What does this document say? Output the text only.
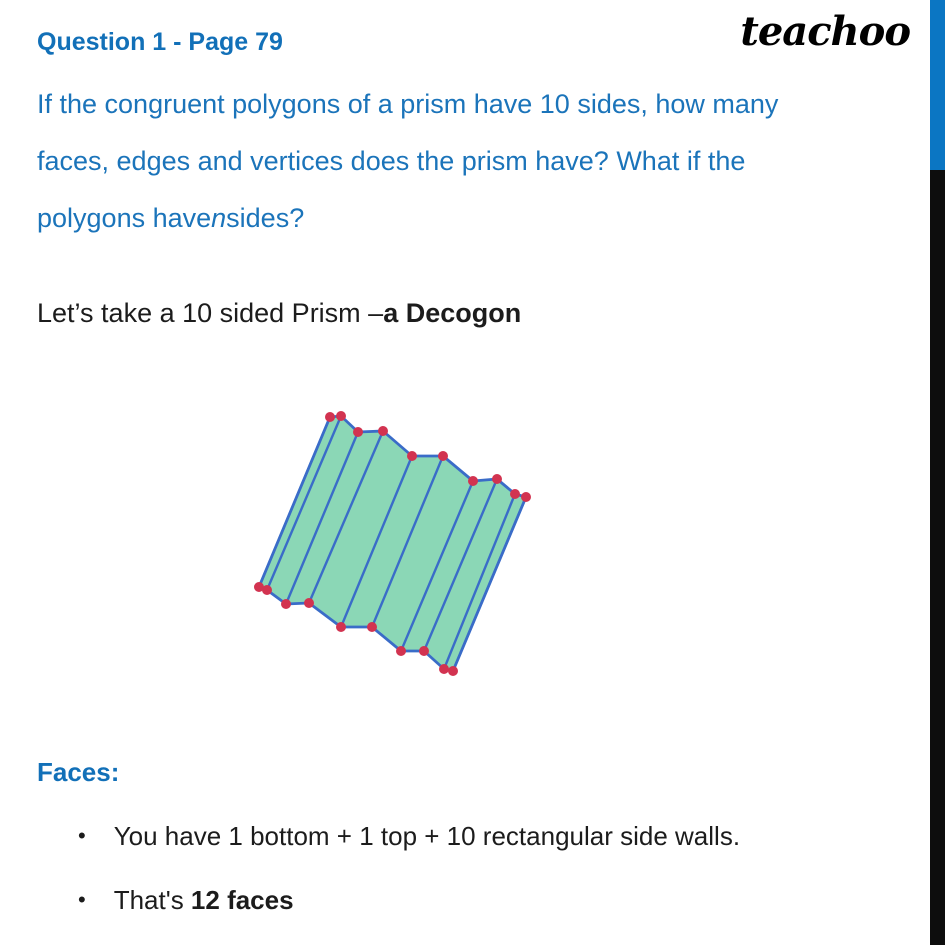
Question 1 - Page 79	teachoo
If the congruent polygons of a prism have 10 sides, how many
faces, edges and vertices does the prism have? What if the
polygons have n sides?
Let’s take a 10 sided Prism – a Decogon
Faces:
• You have 1 bottom + 1 top + 10 rectangular side walls.
• That's 12 faces
